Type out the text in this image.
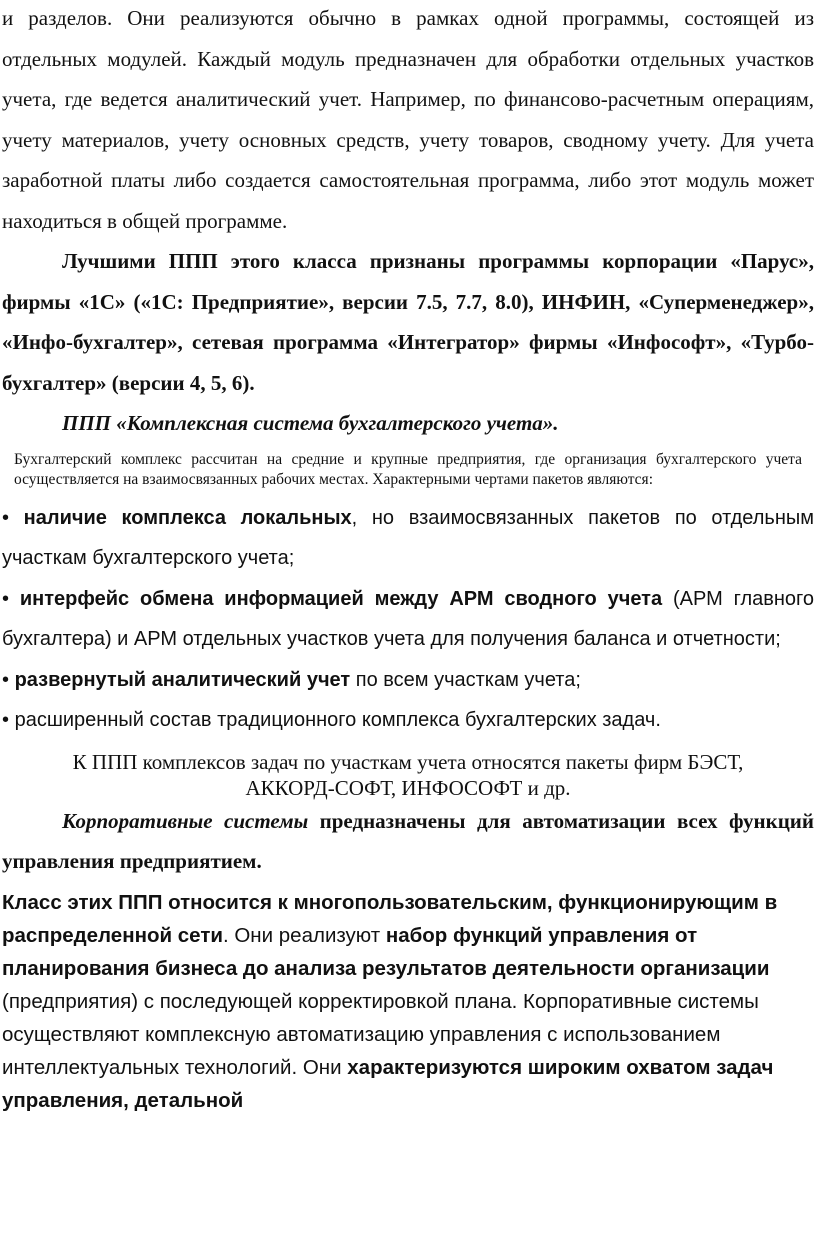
и разделов. Они реализуются обычно в рамках одной программы, состоящей из отдельных модулей. Каждый модуль предназначен для обработки отдельных участков учета, где ведется аналитический учет. Например, по финансово-расчетным операциям, учету материалов, учету основных средств, учету товаров, сводному учету. Для учета заработной платы либо создается самостоятельная программа, либо этот модуль может находиться в общей программе.

Лучшими ППП этого класса признаны программы корпорации «Парус», фирмы «1С» («1С: Предприятие», версии 7.5, 7.7, 8.0), ИНФИН, «Суперменеджер», «Инфо-бухгалтер», сетевая программа «Интегратор» фирмы «Инфософт», «Турбо-бухгалтер» (версии 4, 5, 6).

ППП «Комплексная система бухгалтерского учета».

Бухгалтерский комплекс рассчитан на средние и крупные предприятия, где организация бухгалтерского учета осуществляется на взаимосвязанных рабочих местах. Характерными чертами пакетов являются:

• наличие комплекса локальных, но взаимосвязанных пакетов по отдельным участкам бухгалтерского учета;

• интерфейс обмена информацией между АРМ сводного учета (АРМ главного бухгалтера) и АРМ отдельных участков учета для получения баланса и отчетности;

• развернутый аналитический учет по всем участкам учета;

• расширенный состав традиционного комплекса бухгалтерских задач.

К ППП комплексов задач по участкам учета относятся пакеты фирм БЭСТ, АККОРД-СОФТ, ИНФОСОФТ и др.

Корпоративные системы предназначены для автоматизации всех функций управления предприятием.

Класс этих ППП относится к многопользовательским, функционирующим в распределенной сети. Они реализуют набор функций управления от планирования бизнеса до анализа результатов деятельности организации (предприятия) с последующей корректировкой плана. Корпоративные системы осуществляют комплексную автоматизацию управления с использованием интеллектуальных технологий. Они характеризуются широким охватом задач управления, детальной
